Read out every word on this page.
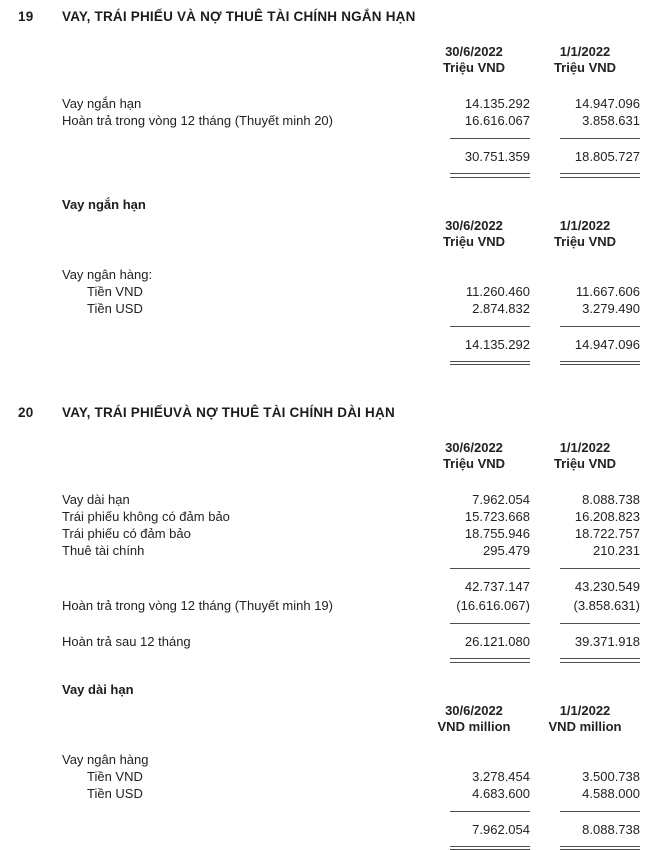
19	VAY, TRÁI PHIẾU VÀ NỢ THUÊ TÀI CHÍNH NGẮN HẠN
30/6/2022
Triệu VND
1/1/2022
Triệu VND
Vay ngắn hạn	14.135.292	14.947.096
Hoàn trả trong vòng 12 tháng (Thuyết minh 20)	16.616.067	3.858.631
30.751.359	18.805.727
Vay ngắn hạn
30/6/2022
Triệu VND
1/1/2022
Triệu VND
Vay ngân hàng:
Tiền VND	11.260.460	11.667.606
Tiền USD	2.874.832	3.279.490
14.135.292	14.947.096
20	VAY, TRÁI PHIẾUVÀ NỢ THUÊ TÀI CHÍNH DÀI HẠN
30/6/2022
Triệu VND
1/1/2022
Triệu VND
Vay dài hạn	7.962.054	8.088.738
Trái phiếu không có đảm bảo	15.723.668	16.208.823
Trái phiếu có đảm bảo	18.755.946	18.722.757
Thuê tài chính	295.479	210.231
42.737.147	43.230.549
Hoàn trả trong vòng 12 tháng (Thuyết minh 19)	(16.616.067)	(3.858.631)
Hoàn trả sau 12 tháng	26.121.080	39.371.918
Vay dài hạn
30/6/2022
VND million
1/1/2022
VND million
Vay ngân hàng
Tiền VND	3.278.454	3.500.738
Tiền USD	4.683.600	4.588.000
7.962.054	8.088.738
